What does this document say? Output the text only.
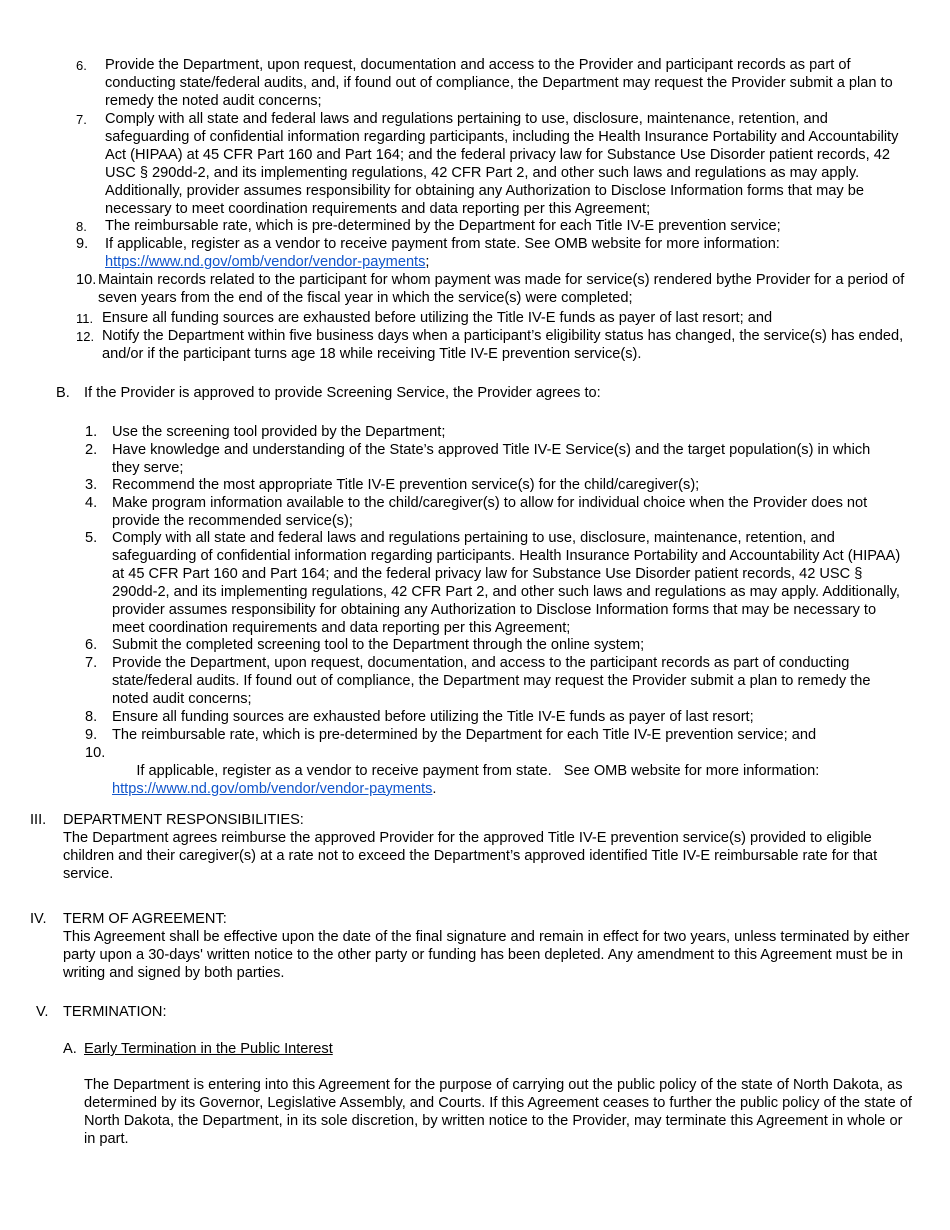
6. Provide the Department, upon request, documentation and access to the Provider and participant records as part of conducting state/federal audits, and, if found out of compliance, the Department may request the Provider submit a plan to remedy the noted audit concerns;
7. Comply with all state and federal laws and regulations pertaining to use, disclosure, maintenance, retention, and safeguarding of confidential information regarding participants, including the Health Insurance Portability and Accountability Act (HIPAA) at 45 CFR Part 160 and Part 164; and the federal privacy law for Substance Use Disorder patient records, 42 USC § 290dd-2, and its implementing regulations, 42 CFR Part 2, and other such laws and regulations as may apply. Additionally, provider assumes responsibility for obtaining any Authorization to Disclose Information forms that may be necessary to meet coordination requirements and data reporting per this Agreement;
8. The reimbursable rate, which is pre-determined by the Department for each Title IV-E prevention service;
9. If applicable, register as a vendor to receive payment from state. See OMB website for more information:
https://www.nd.gov/omb/vendor/vendor-payments;
10. Maintain records related to the participant for whom payment was made for service(s) rendered bythe Provider for a period of seven years from the end of the fiscal year in which the service(s) were completed;
11. Ensure all funding sources are exhausted before utilizing the Title IV-E funds as payer of last resort; and
12. Notify the Department within five business days when a participant’s eligibility status has changed, the service(s) has ended, and/or if the participant turns age 18 while receiving Title IV-E prevention service(s).
B. If the Provider is approved to provide Screening Service, the Provider agrees to:
1. Use the screening tool provided by the Department;
2. Have knowledge and understanding of the State’s approved Title IV-E Service(s) and the target population(s) in which they serve;
3. Recommend the most appropriate Title IV-E prevention service(s) for the child/caregiver(s);
4. Make program information available to the child/caregiver(s) to allow for individual choice when the Provider does not provide the recommended service(s);
5. Comply with all state and federal laws and regulations pertaining to use, disclosure, maintenance, retention, and safeguarding of confidential information regarding participants. Health Insurance Portability and Accountability Act (HIPAA) at 45 CFR Part 160 and Part 164; and the federal privacy law for Substance Use Disorder patient records, 42 USC § 290dd-2, and its implementing regulations, 42 CFR Part 2, and other such laws and regulations as may apply. Additionally, provider assumes responsibility for obtaining any Authorization to Disclose Information forms that may be necessary to meet coordination requirements and data reporting per this Agreement;
6. Submit the completed screening tool to the Department through the online system;
7. Provide the Department, upon request, documentation, and access to the participant records as part of conducting state/federal audits. If found out of compliance, the Department may request the Provider submit a plan to remedy the noted audit concerns;
8. Ensure all funding sources are exhausted before utilizing the Title IV-E funds as payer of last resort;
9. The reimbursable rate, which is pre-determined by the Department for each Title IV-E prevention service; and
10.

If applicable, register as a vendor to receive payment from state.   See OMB website for more information:
https://www.nd.gov/omb/vendor/vendor-payments.

III. DEPARTMENT RESPONSIBILITIES:

The Department agrees reimburse the approved Provider for the approved Title IV-E prevention service(s) provided to eligible children and their caregiver(s) at a rate not to exceed the Department’s approved identified Title IV-E reimbursable rate for that service.

IV. TERM OF AGREEMENT:

This Agreement shall be effective upon the date of the final signature and remain in effect for two years, unless terminated by either party upon a 30-days' written notice to the other party or funding has been depleted. Any amendment to this Agreement must be in writing and signed by both parties.

V. TERMINATION:
A. Early Termination in the Public Interest

The Department is entering into this Agreement for the purpose of carrying out the public policy of the state of North Dakota, as determined by its Governor, Legislative Assembly, and Courts. If this Agreement ceases to further the public policy of the state of North Dakota, the Department, in its sole discretion, by written notice to the Provider, may terminate this Agreement in whole or in part.
